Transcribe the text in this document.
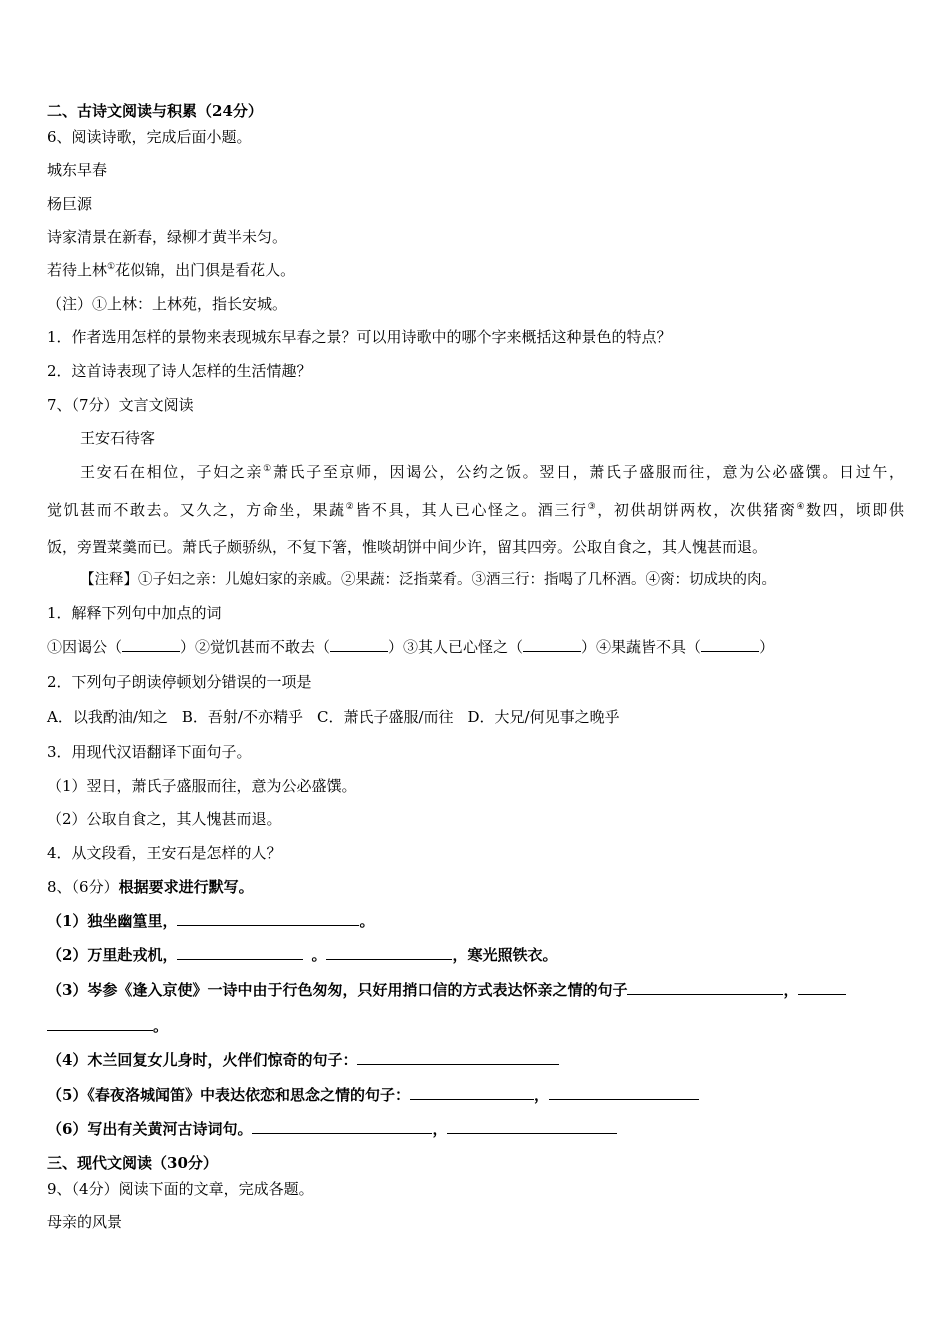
二、古诗文阅读与积累（24分）
6、阅读诗歌，完成后面小题。
城东早春
杨巨源
诗家清景在新春，绿柳才黄半未匀。
若待上林①花似锦，出门俱是看花人。
（注）①上林：上林苑，指长安城。
1．作者选用怎样的景物来表现城东早春之景？可以用诗歌中的哪个字来概括这种景色的特点？
2．这首诗表现了诗人怎样的生活情趣？
7、（7分）文言文阅读
王安石待客
王安石在相位，子妇之亲①萧氏子至京师，因谒公，公约之饭。翌日，萧氏子盛服而往，意为公必盛馔。日过午，
觉饥甚而不敢去。又久之，方命坐，果蔬②皆不具，其人已心怪之。酒三行③，初供胡饼两枚，次供猪脔④数四，顷即供
饭，旁置菜羹而已。萧氏子颇骄纵，不复下箸，惟啖胡饼中间少许，留其四旁。公取自食之，其人愧甚而退。
【注释】①子妇之亲：儿媳妇家的亲戚。②果蔬：泛指菜肴。③酒三行：指喝了几杯酒。④脔：切成块的肉。
1．解释下列句中加点的词
①因谒公（	）②觉饥甚而不敢去（	）③其人已心怪之（	）④果蔬皆不具（	）
2．下列句子朗读停顿划分错误的一项是
A．以我酌油/知之 B．吾射/不亦精乎 C．萧氏子盛服/而往 D．大兄/何见事之晚乎
3．用现代汉语翻译下面句子。
（1）翌日，萧氏子盛服而往，意为公必盛馔。
（2）公取自食之，其人愧甚而退。
4．从文段看，王安石是怎样的人？
8、（6分）根据要求进行默写。
（1）独坐幽篁里，	。
（2）万里赴戎机，	。	，寒光照铁衣。
（3）岑参《逢入京使》一诗中由于行色匆匆，只好用捎口信的方式表达怀亲之情的句子	，
。
（4）木兰回复女儿身时，火伴们惊奇的句子：
（5）《春夜洛城闻笛》中表达依恋和思念之情的句子：	，
（6）写出有关黄河古诗词句。	，
三、现代文阅读（30分）
9、（4分）阅读下面的文章，完成各题。
母亲的风景
